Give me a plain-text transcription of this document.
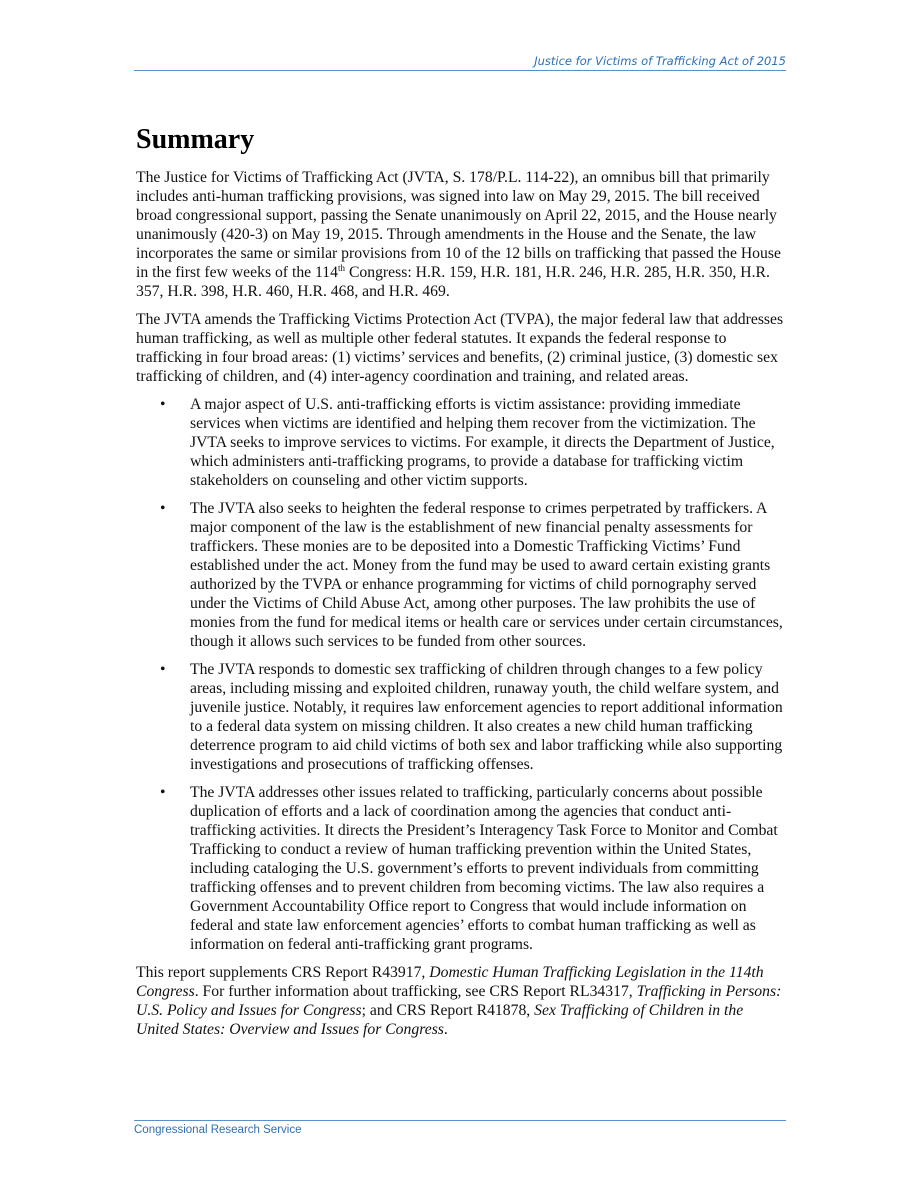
Justice for Victims of Trafficking Act of 2015
Summary

The Justice for Victims of Trafficking Act (JVTA, S. 178/P.L. 114-22), an omnibus bill that primarily includes anti-human trafficking provisions, was signed into law on May 29, 2015. The bill received broad congressional support, passing the Senate unanimously on April 22, 2015, and the House nearly unanimously (420-3) on May 19, 2015. Through amendments in the House and the Senate, the law incorporates the same or similar provisions from 10 of the 12 bills on trafficking that passed the House in the first few weeks of the 114th Congress: H.R. 159, H.R. 181, H.R. 246, H.R. 285, H.R. 350, H.R. 357, H.R. 398, H.R. 460, H.R. 468, and H.R. 469.

The JVTA amends the Trafficking Victims Protection Act (TVPA), the major federal law that addresses human trafficking, as well as multiple other federal statutes. It expands the federal response to trafficking in four broad areas: (1) victims’ services and benefits, (2) criminal justice, (3) domestic sex trafficking of children, and (4) inter-agency coordination and training, and related areas.

• A major aspect of U.S. anti-trafficking efforts is victim assistance: providing immediate services when victims are identified and helping them recover from the victimization. The JVTA seeks to improve services to victims. For example, it directs the Department of Justice, which administers anti-trafficking programs, to provide a database for trafficking victim stakeholders on counseling and other victim supports.
• The JVTA also seeks to heighten the federal response to crimes perpetrated by traffickers. A major component of the law is the establishment of new financial penalty assessments for traffickers. These monies are to be deposited into a Domestic Trafficking Victims’ Fund established under the act. Money from the fund may be used to award certain existing grants authorized by the TVPA or enhance programming for victims of child pornography served under the Victims of Child Abuse Act, among other purposes. The law prohibits the use of monies from the fund for medical items or health care or services under certain circumstances, though it allows such services to be funded from other sources.
• The JVTA responds to domestic sex trafficking of children through changes to a few policy areas, including missing and exploited children, runaway youth, the child welfare system, and juvenile justice. Notably, it requires law enforcement agencies to report additional information to a federal data system on missing children. It also creates a new child human trafficking deterrence program to aid child victims of both sex and labor trafficking while also supporting investigations and prosecutions of trafficking offenses.
• The JVTA addresses other issues related to trafficking, particularly concerns about possible duplication of efforts and a lack of coordination among the agencies that conduct anti-trafficking activities. It directs the President’s Interagency Task Force to Monitor and Combat Trafficking to conduct a review of human trafficking prevention within the United States, including cataloging the U.S. government’s efforts to prevent individuals from committing trafficking offenses and to prevent children from becoming victims. The law also requires a Government Accountability Office report to Congress that would include information on federal and state law enforcement agencies’ efforts to combat human trafficking as well as information on federal anti-trafficking grant programs.

This report supplements CRS Report R43917, Domestic Human Trafficking Legislation in the 114th Congress. For further information about trafficking, see CRS Report RL34317, Trafficking in Persons: U.S. Policy and Issues for Congress; and CRS Report R41878, Sex Trafficking of Children in the United States: Overview and Issues for Congress.

Congressional Research Service
